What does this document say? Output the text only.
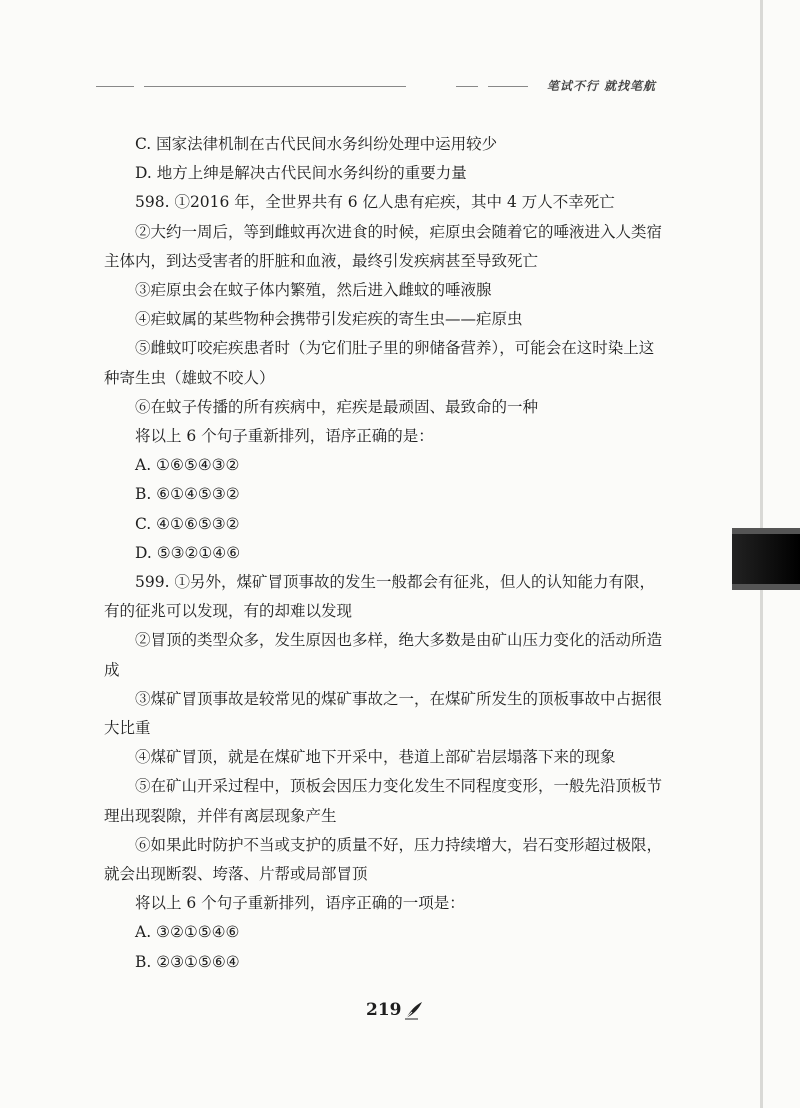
笔试不行 就找笔航

C. 国家法律机制在古代民间水务纠纷处理中运用较少

D. 地方上绅是解决古代民间水务纠纷的重要力量

598. ①2016 年，全世界共有 6 亿人患有疟疾，其中 4 万人不幸死亡

②大约一周后，等到雌蚊再次进食的时候，疟原虫会随着它的唾液进入人类宿主体内，到达受害者的肝脏和血液，最终引发疾病甚至导致死亡

③疟原虫会在蚊子体内繁殖，然后进入雌蚊的唾液腺

④疟蚊属的某些物种会携带引发疟疾的寄生虫——疟原虫

⑤雌蚊叮咬疟疾患者时（为它们肚子里的卵储备营养），可能会在这时染上这种寄生虫（雄蚊不咬人）

⑥在蚊子传播的所有疾病中，疟疾是最顽固、最致命的一种

将以上 6 个句子重新排列，语序正确的是：

A. ①⑥⑤④③②

B. ⑥①④⑤③②

C. ④①⑥⑤③②

D. ⑤③②①④⑥

599. ①另外，煤矿冒顶事故的发生一般都会有征兆，但人的认知能力有限，有的征兆可以发现，有的却难以发现

②冒顶的类型众多，发生原因也多样，绝大多数是由矿山压力变化的活动所造成

③煤矿冒顶事故是较常见的煤矿事故之一，在煤矿所发生的顶板事故中占据很大比重

④煤矿冒顶，就是在煤矿地下开采中，巷道上部矿岩层塌落下来的现象

⑤在矿山开采过程中，顶板会因压力变化发生不同程度变形，一般先沿顶板节理出现裂隙，并伴有离层现象产生

⑥如果此时防护不当或支护的质量不好，压力持续增大，岩石变形超过极限，就会出现断裂、垮落、片帮或局部冒顶

将以上 6 个句子重新排列，语序正确的一项是：

A. ③②①⑤④⑥

B. ②③①⑤⑥④

219
